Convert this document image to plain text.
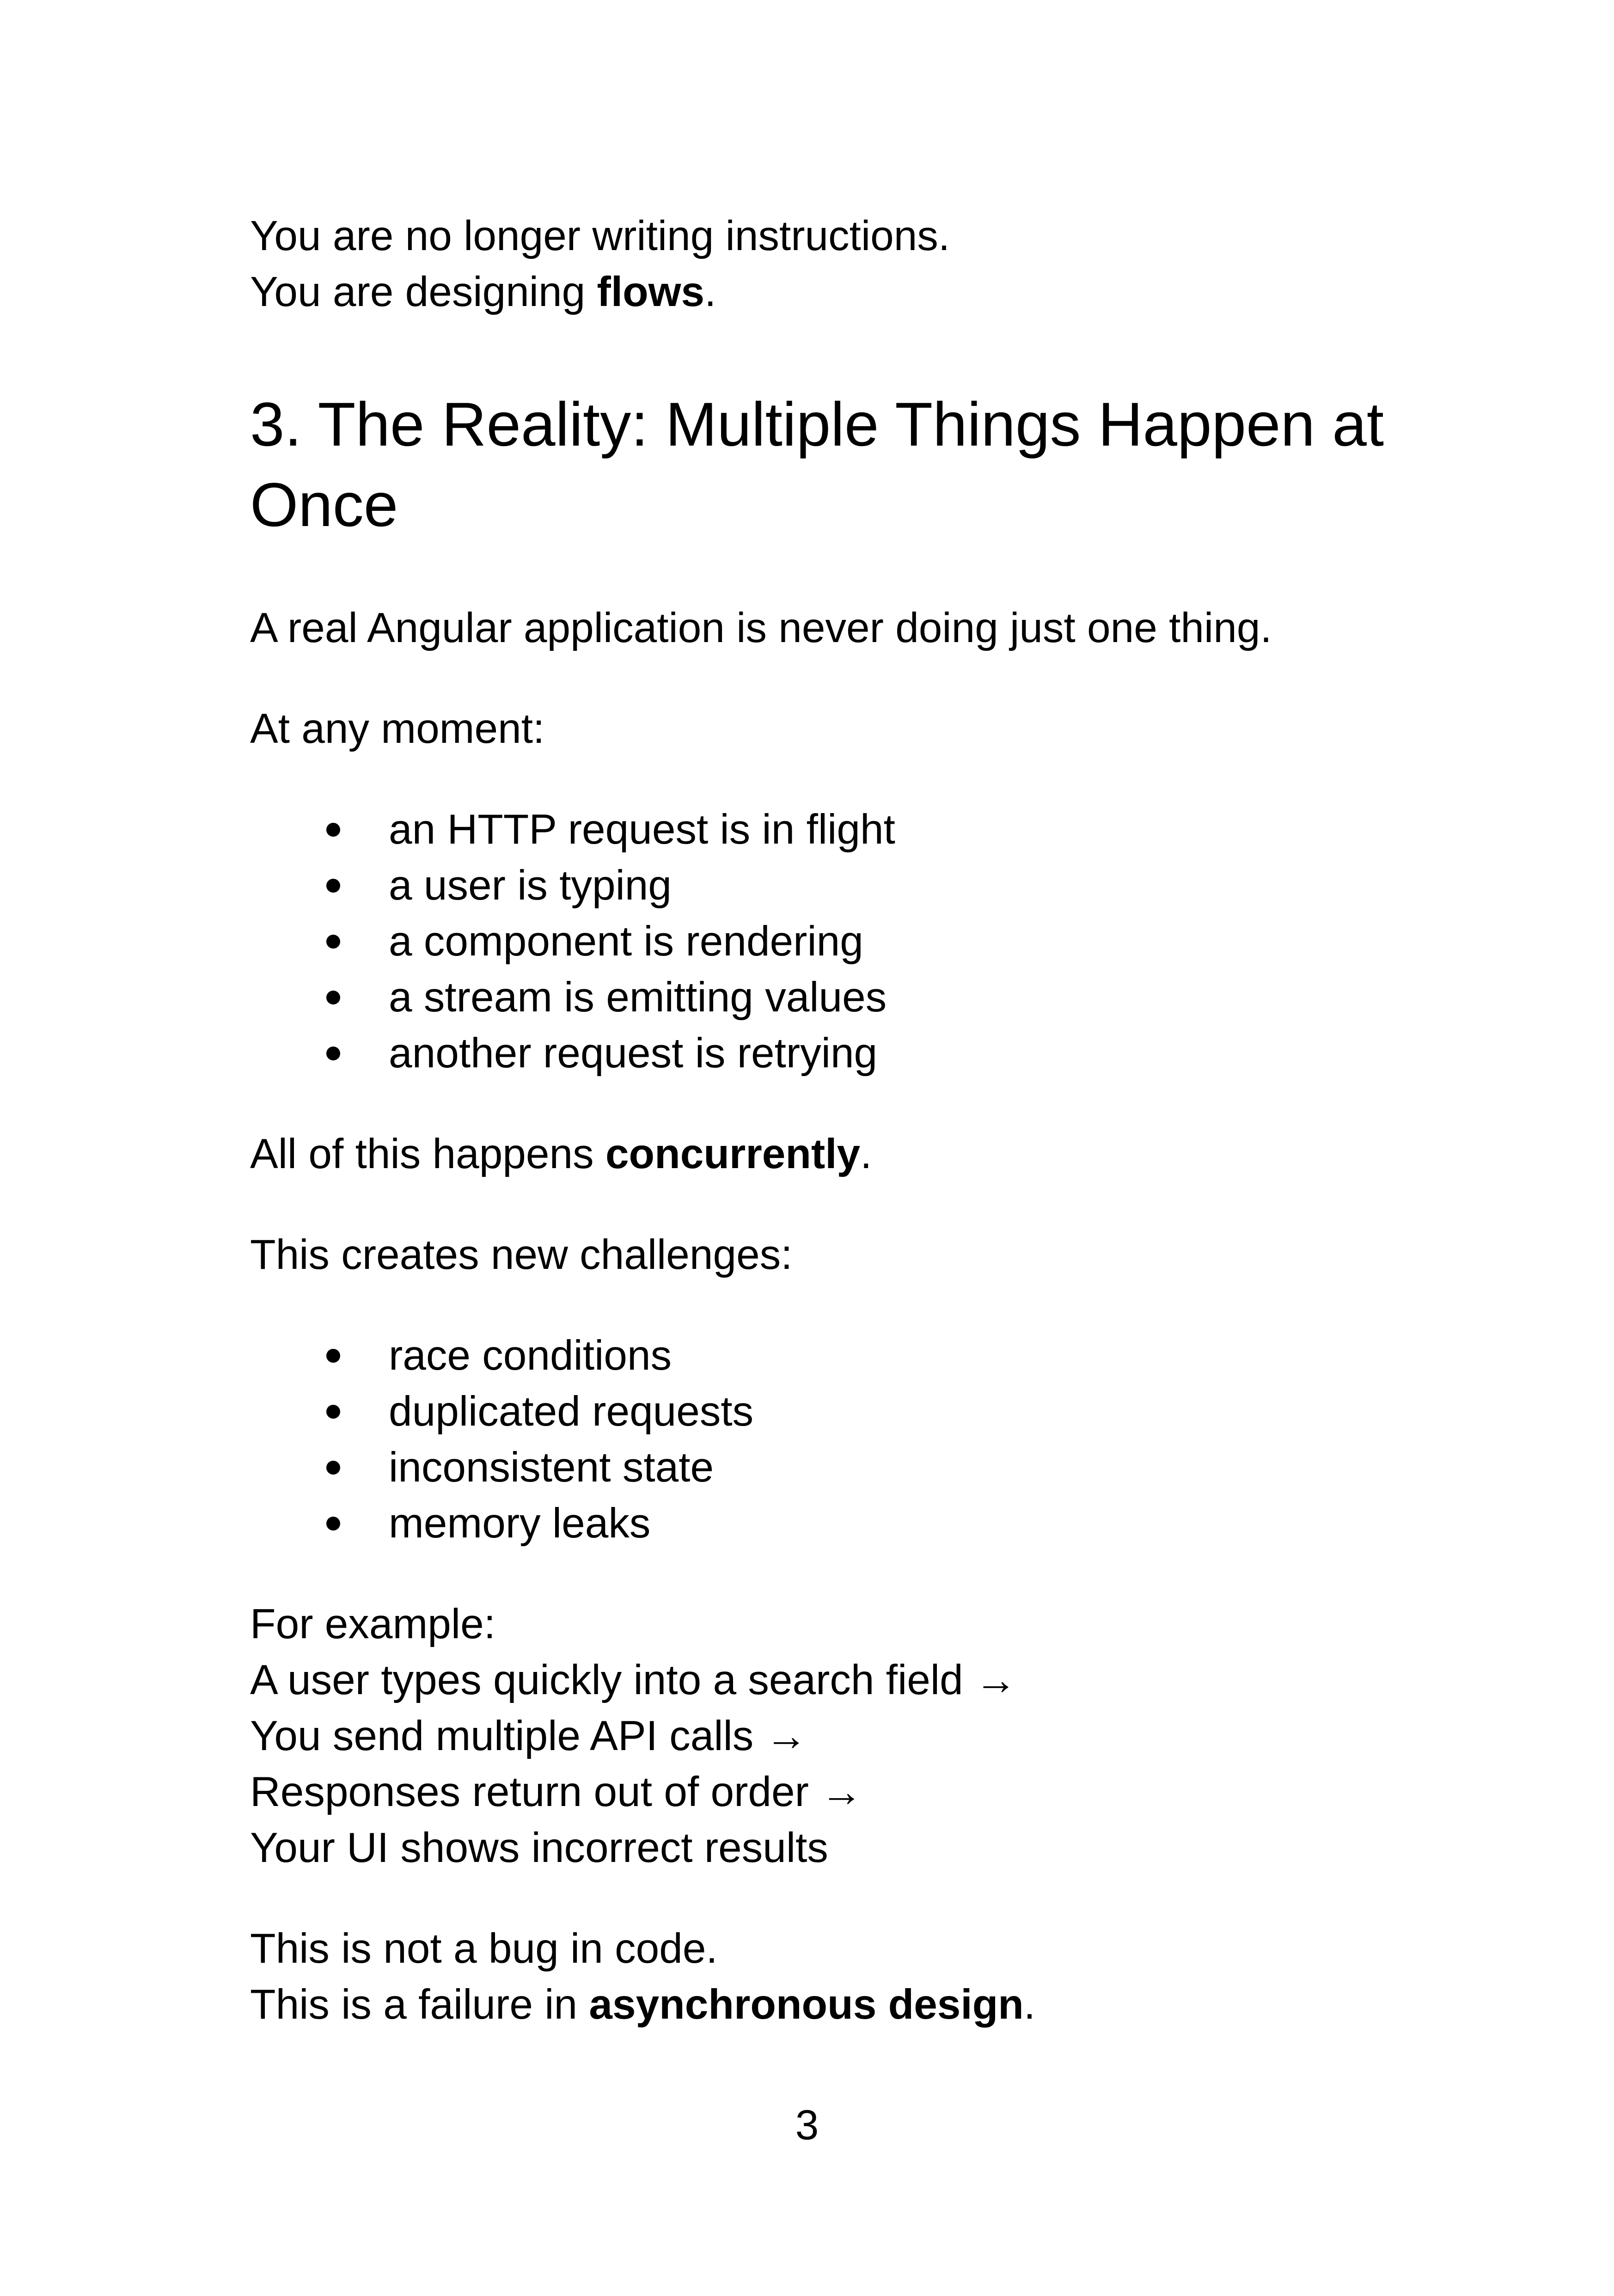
You are no longer writing instructions.

You are designing flows.

3. The Reality: Multiple Things Happen at Once

A real Angular application is never doing just one thing.

At any moment:

an HTTP request is in flight
a user is typing
a component is rendering
a stream is emitting values
another request is retrying

All of this happens concurrently.

This creates new challenges:

race conditions
duplicated requests
inconsistent state
memory leaks

For example:

A user types quickly into a search field →

You send multiple API calls →

Responses return out of order →

Your UI shows incorrect results

This is not a bug in code.

This is a failure in asynchronous design.

3
